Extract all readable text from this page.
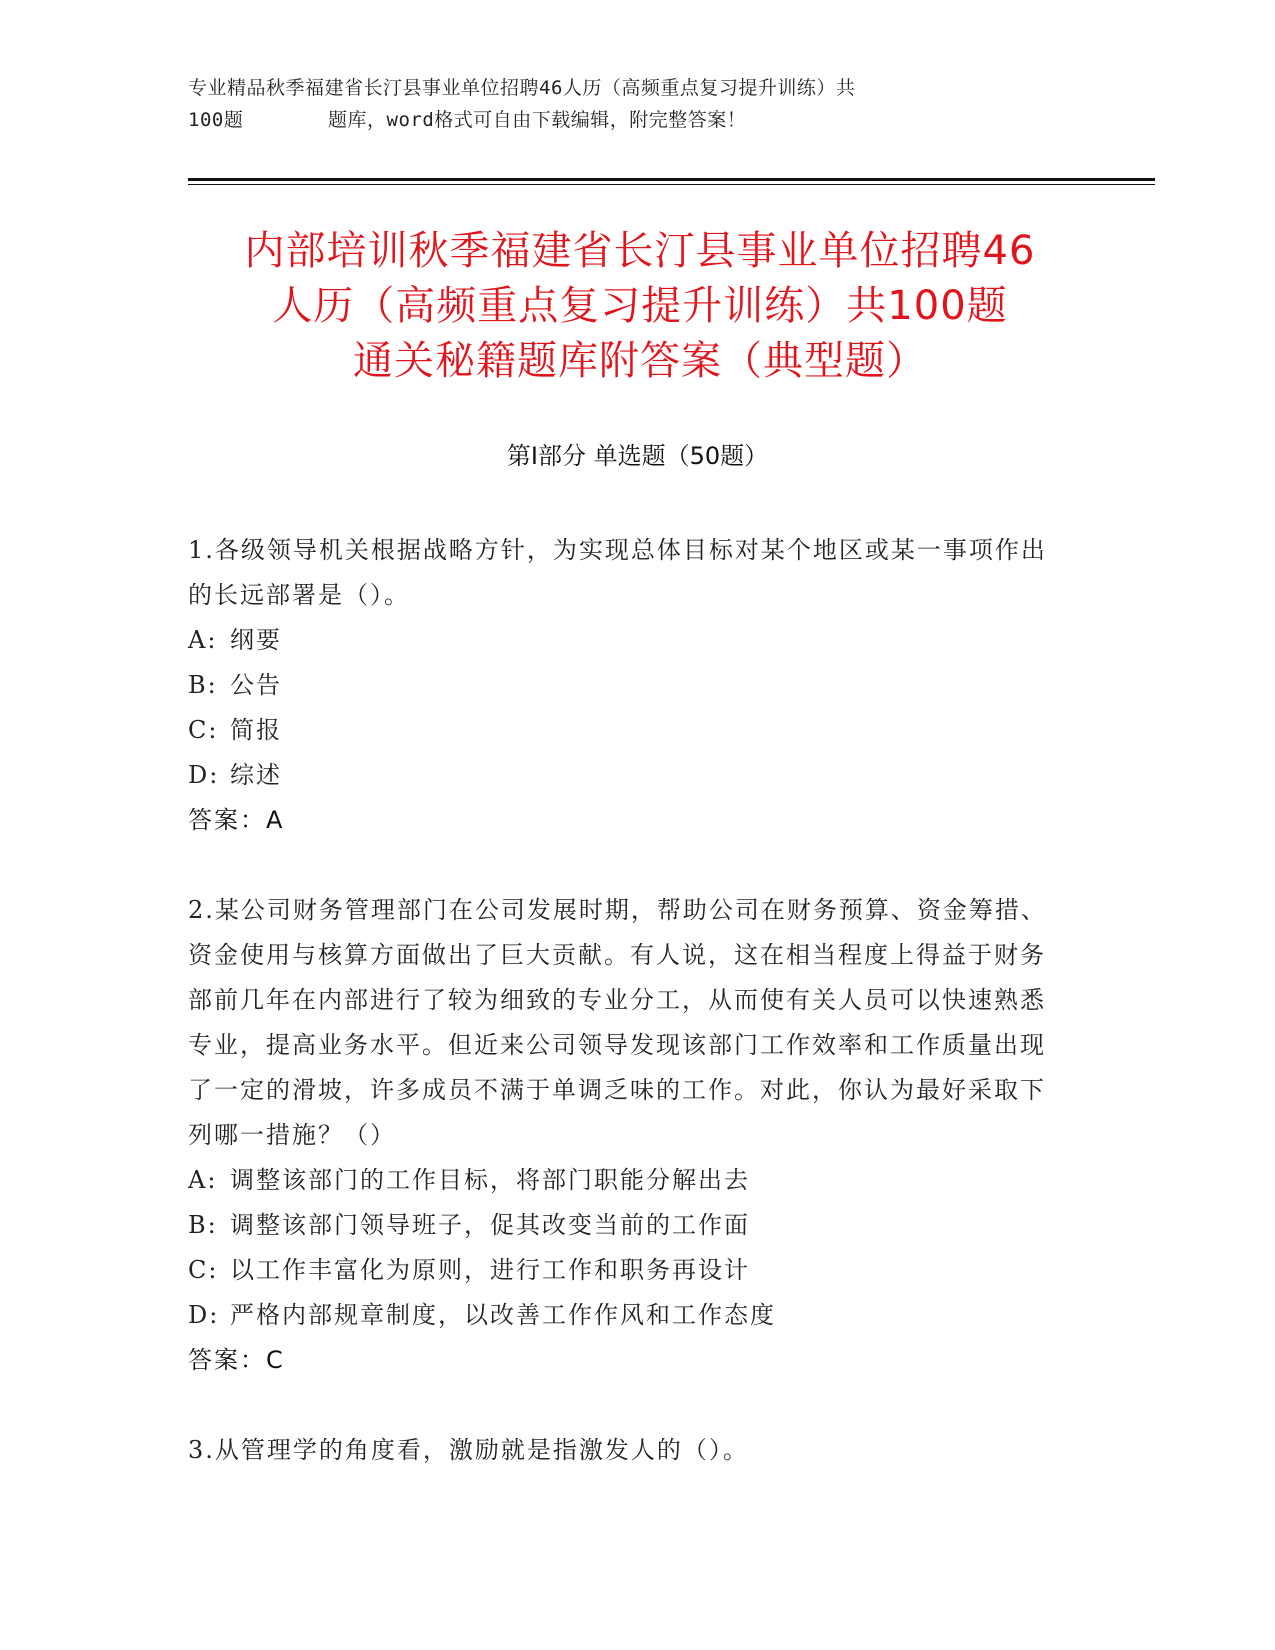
专业精品秋季福建省长汀县事业单位招聘46人历（高频重点复习提升训练）共
100题	题库，word格式可自由下载编辑，附完整答案！
内部培训秋季福建省长汀县事业单位招聘46
人历（高频重点复习提升训练）共100题
通关秘籍题库附答案（典型题）
第I部分 单选题（50题）

1.各级领导机关根据战略方针，为实现总体目标对某个地区或某一事项作出的长远部署是（）。

A: 纲要

B: 公告

C: 简报

D: 综述

答案：A

2.某公司财务管理部门在公司发展时期，帮助公司在财务预算、资金筹措、资金使用与核算方面做出了巨大贡献。有人说，这在相当程度上得益于财务部前几年在内部进行了较为细致的专业分工，从而使有关人员可以快速熟悉专业，提高业务水平。但近来公司领导发现该部门工作效率和工作质量出现了一定的滑坡，许多成员不满于单调乏味的工作。对此，你认为最好采取下列哪一措施？（）

A: 调整该部门的工作目标，将部门职能分解出去

B: 调整该部门领导班子，促其改变当前的工作面

C: 以工作丰富化为原则，进行工作和职务再设计

D: 严格内部规章制度，以改善工作作风和工作态度

答案：C

3.从管理学的角度看，激励就是指激发人的（）。
